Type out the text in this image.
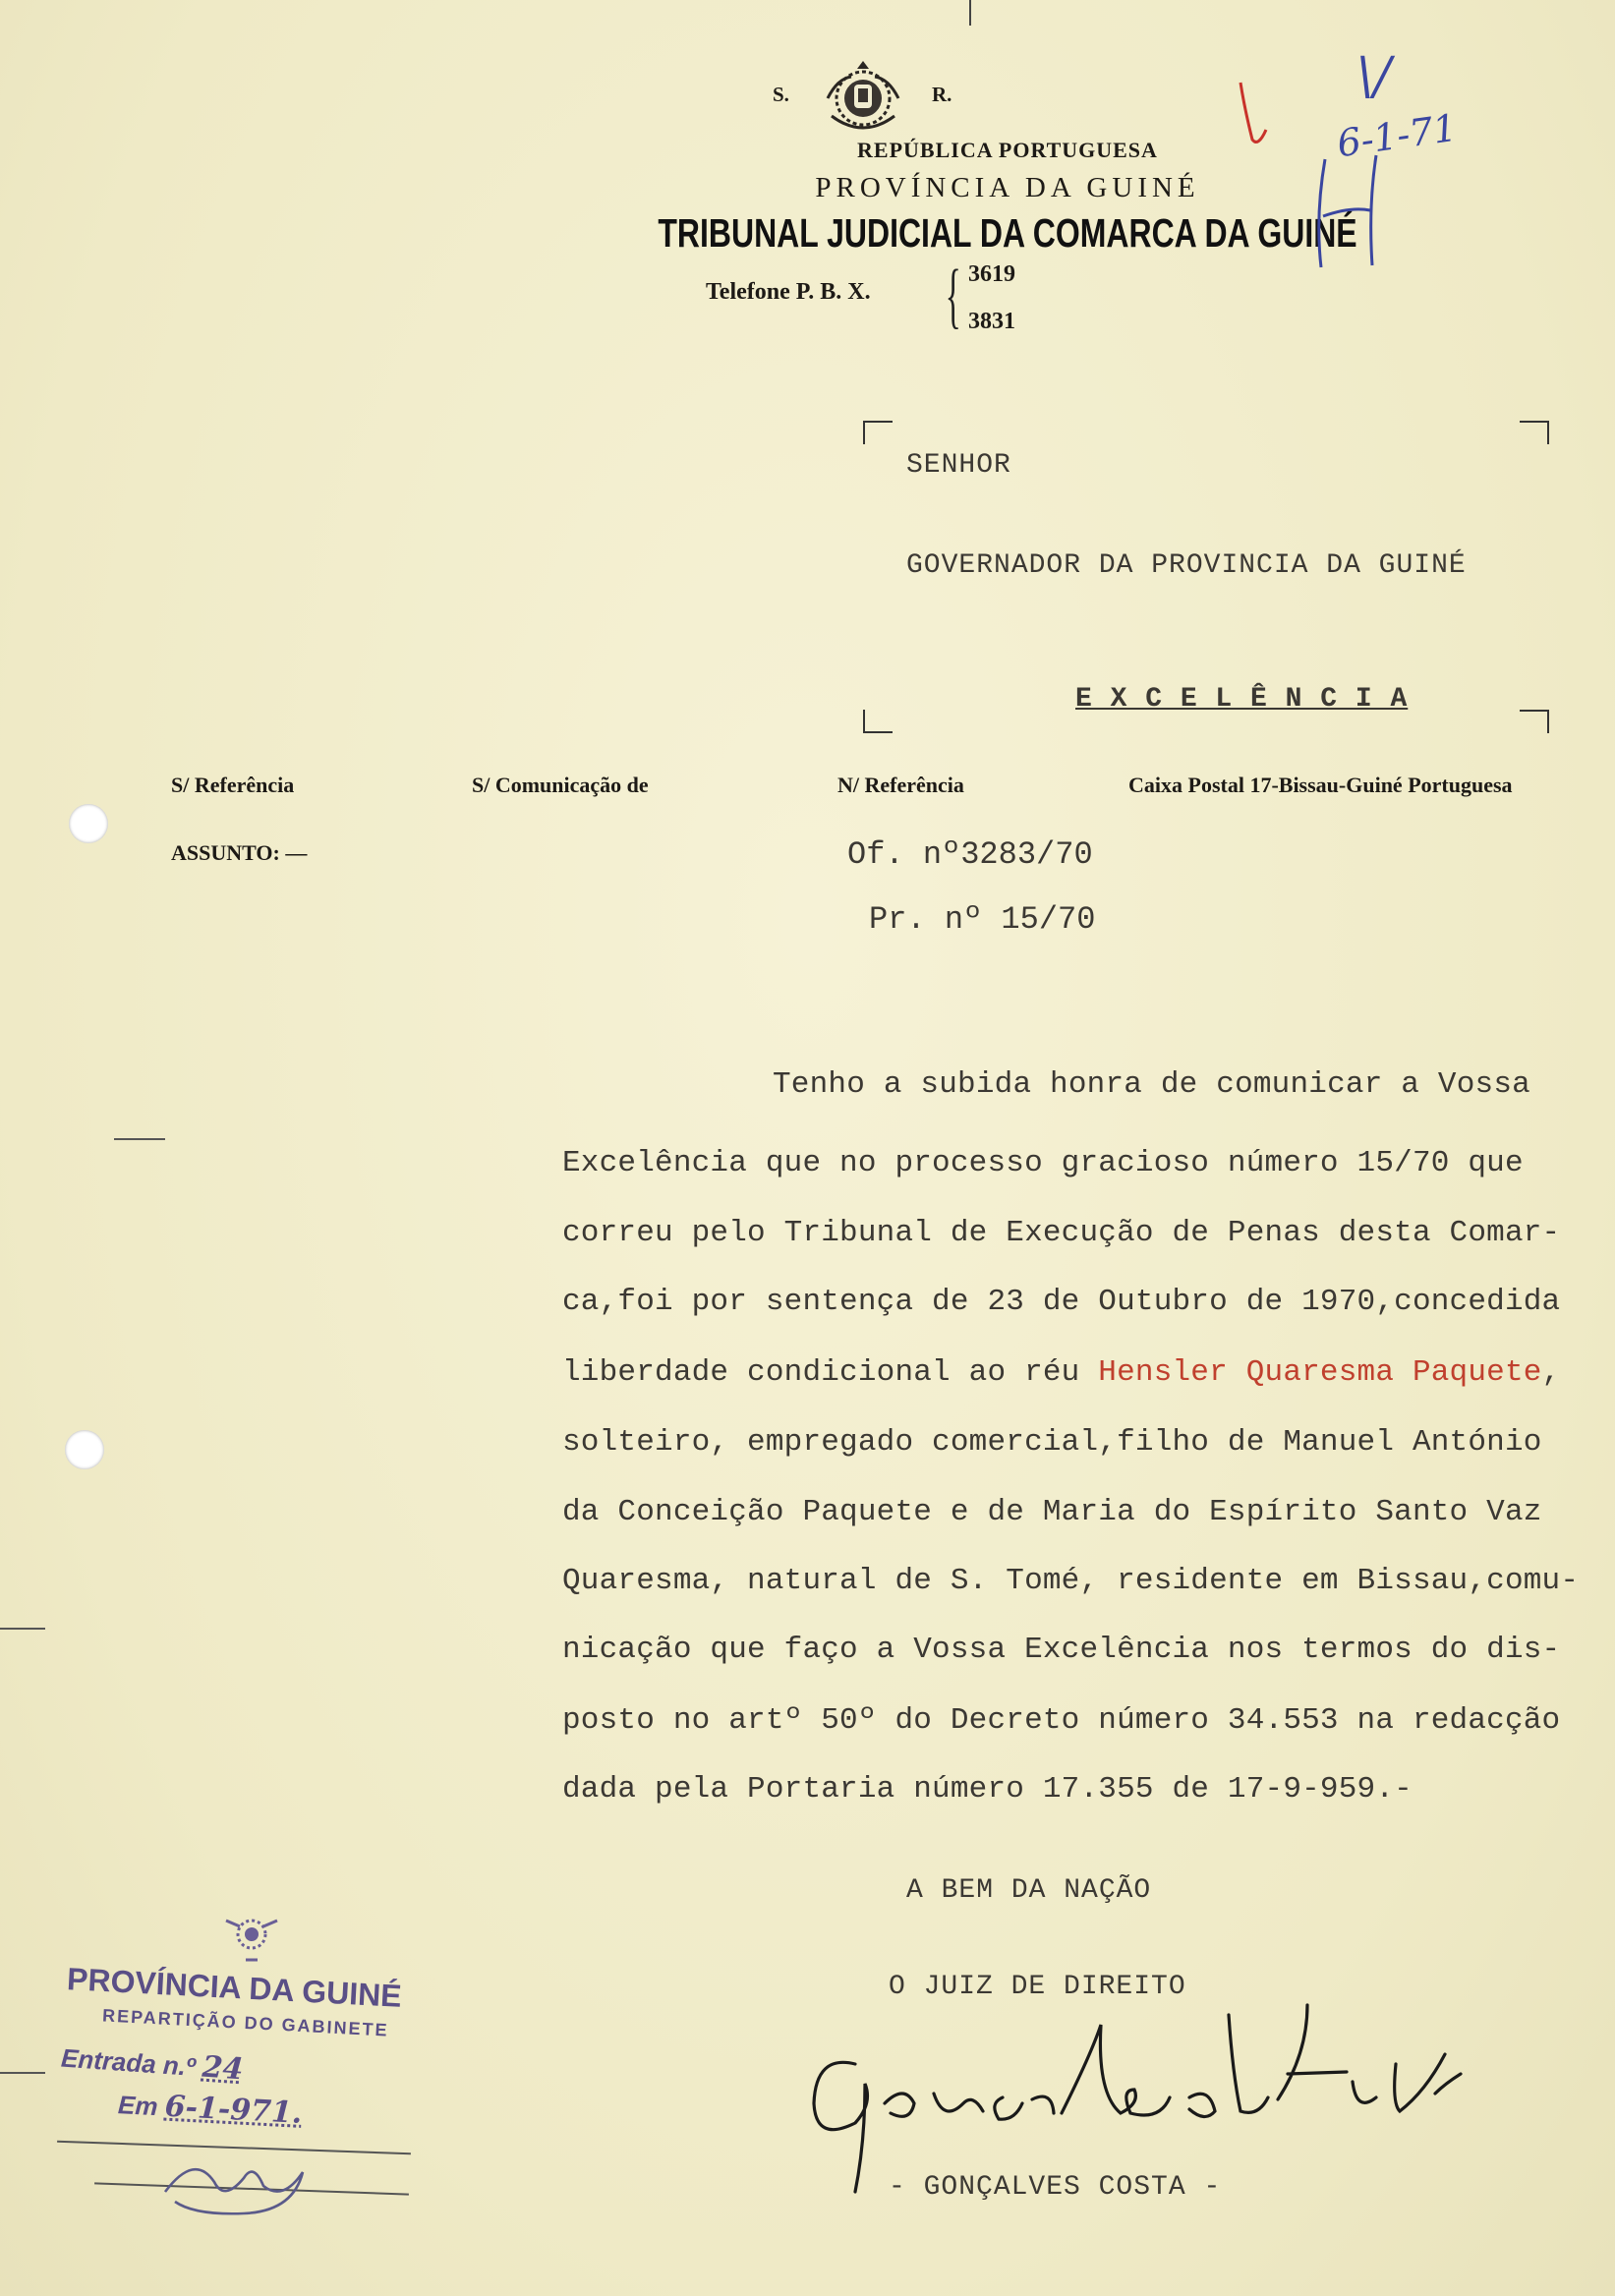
S.	R.
REPÚBLICA PORTUGUESA
PROVÍNCIA DA GUINÉ
TRIBUNAL JUDICIAL DA COMARCA DA GUINÉ
Telefone P. B. X. { 3619
3831
\/
6-1-71
SENHOR
GOVERNADOR DA PROVINCIA DA GUINÉ
E X C E L Ê N C I A
S/ Referência	S/ Comunicação de	N/ Referência	Caixa Postal 17-Bissau-Guiné Portuguesa
ASSUNTO: —	Of. nº3283/70
Pr. nº 15/70
Tenho a subida honra de comunicar a Vossa
Excelência que no processo gracioso número 15/70 que
correu pelo Tribunal de Execução de Penas desta Comar-
ca,foi por sentença de 23 de Outubro de 1970,concedida
liberdade condicional ao réu Hensler Quaresma Paquete,
solteiro, empregado comercial,filho de Manuel António
da Conceição Paquete e de Maria do Espírito Santo Vaz
Quaresma, natural de S. Tomé, residente em Bissau,comu-
nicação que faço a Vossa Excelência nos termos do dis-
posto no artº 50º do Decreto número 34.553 na redacção
dada pela Portaria número 17.355 de 17-9-959.-
A BEM DA NAÇÃO
O JUIZ DE DIREITO
- GONÇALVES COSTA -
PROVÍNCIA DA GUINÉ
REPARTIÇÃO DO GABINETE
Entrada n.º 24
Em 6-1-971.
